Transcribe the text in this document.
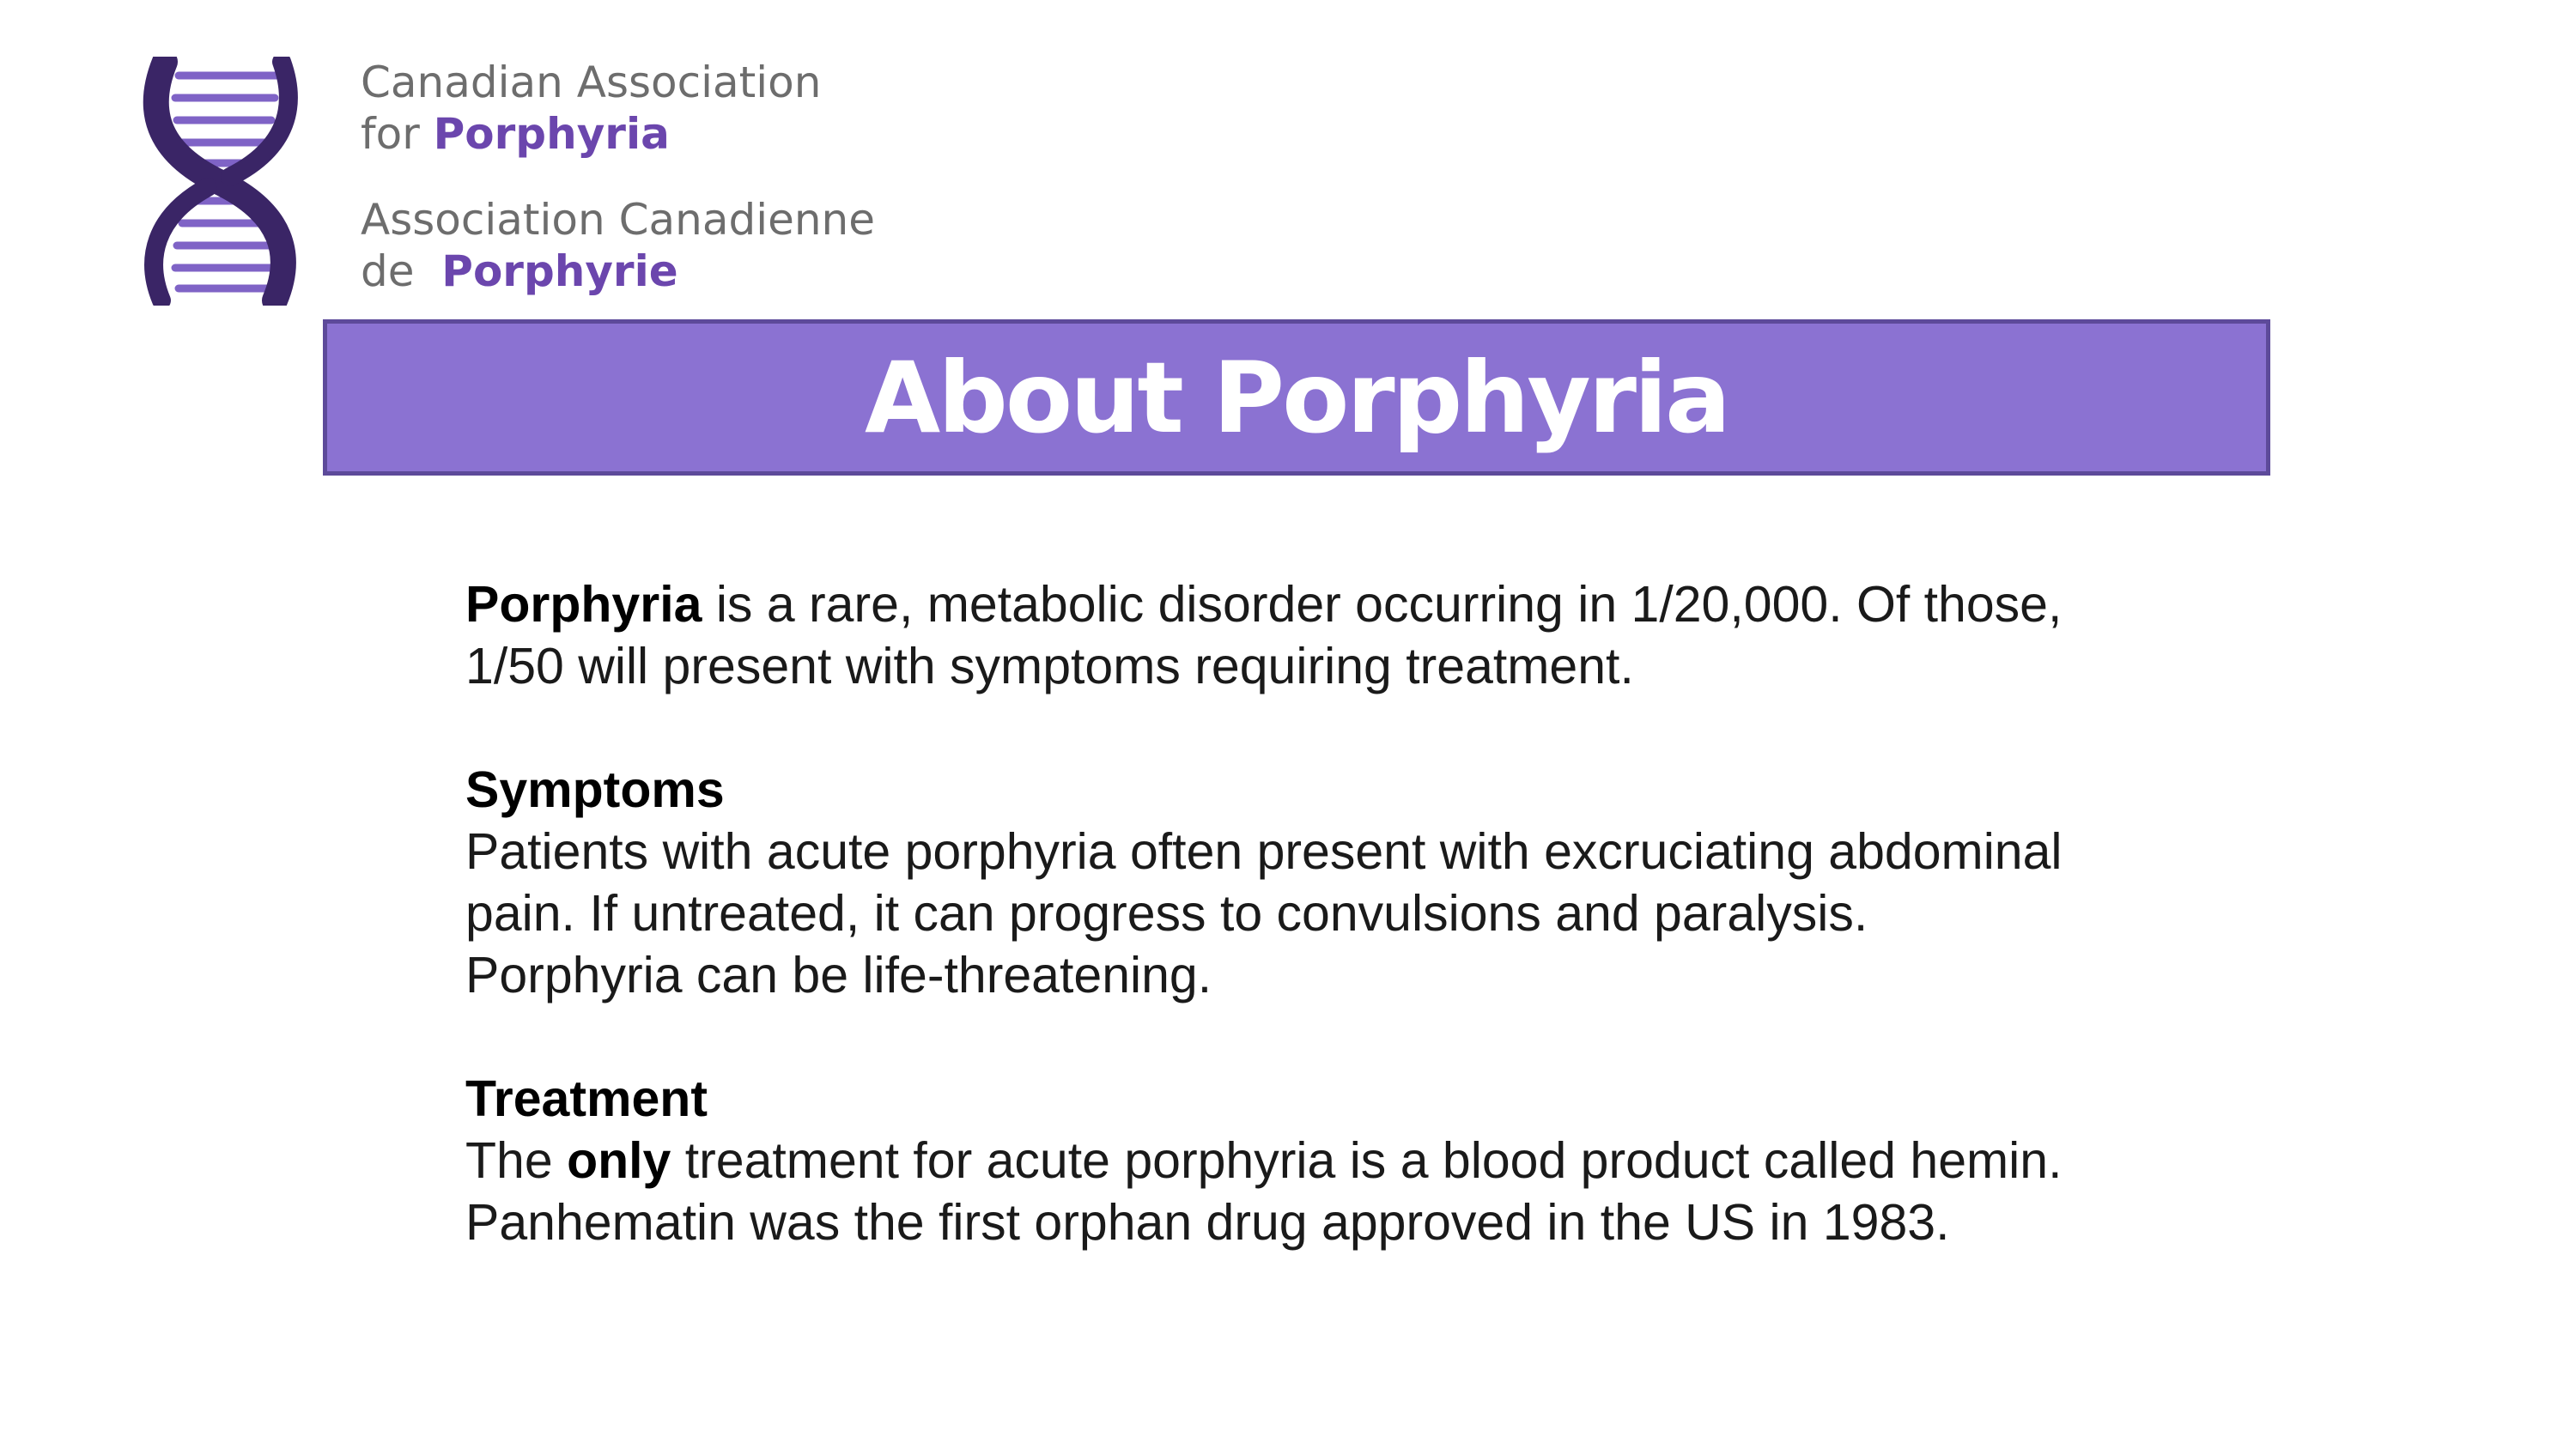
Canadian Association
for Porphyria
Association Canadienne
de  Porphyrie
About Porphyria

Porphyria is a rare, metabolic disorder occurring in 1/20,000. Of those,

1/50 will present with symptoms requiring treatment.

Symptoms

Patients with acute porphyria often present with excruciating abdominal

pain. If untreated, it can progress to convulsions and paralysis.

Porphyria can be life-threatening.

Treatment

The only treatment for acute porphyria is a blood product called hemin.

Panhematin was the first orphan drug approved in the US in 1983.
